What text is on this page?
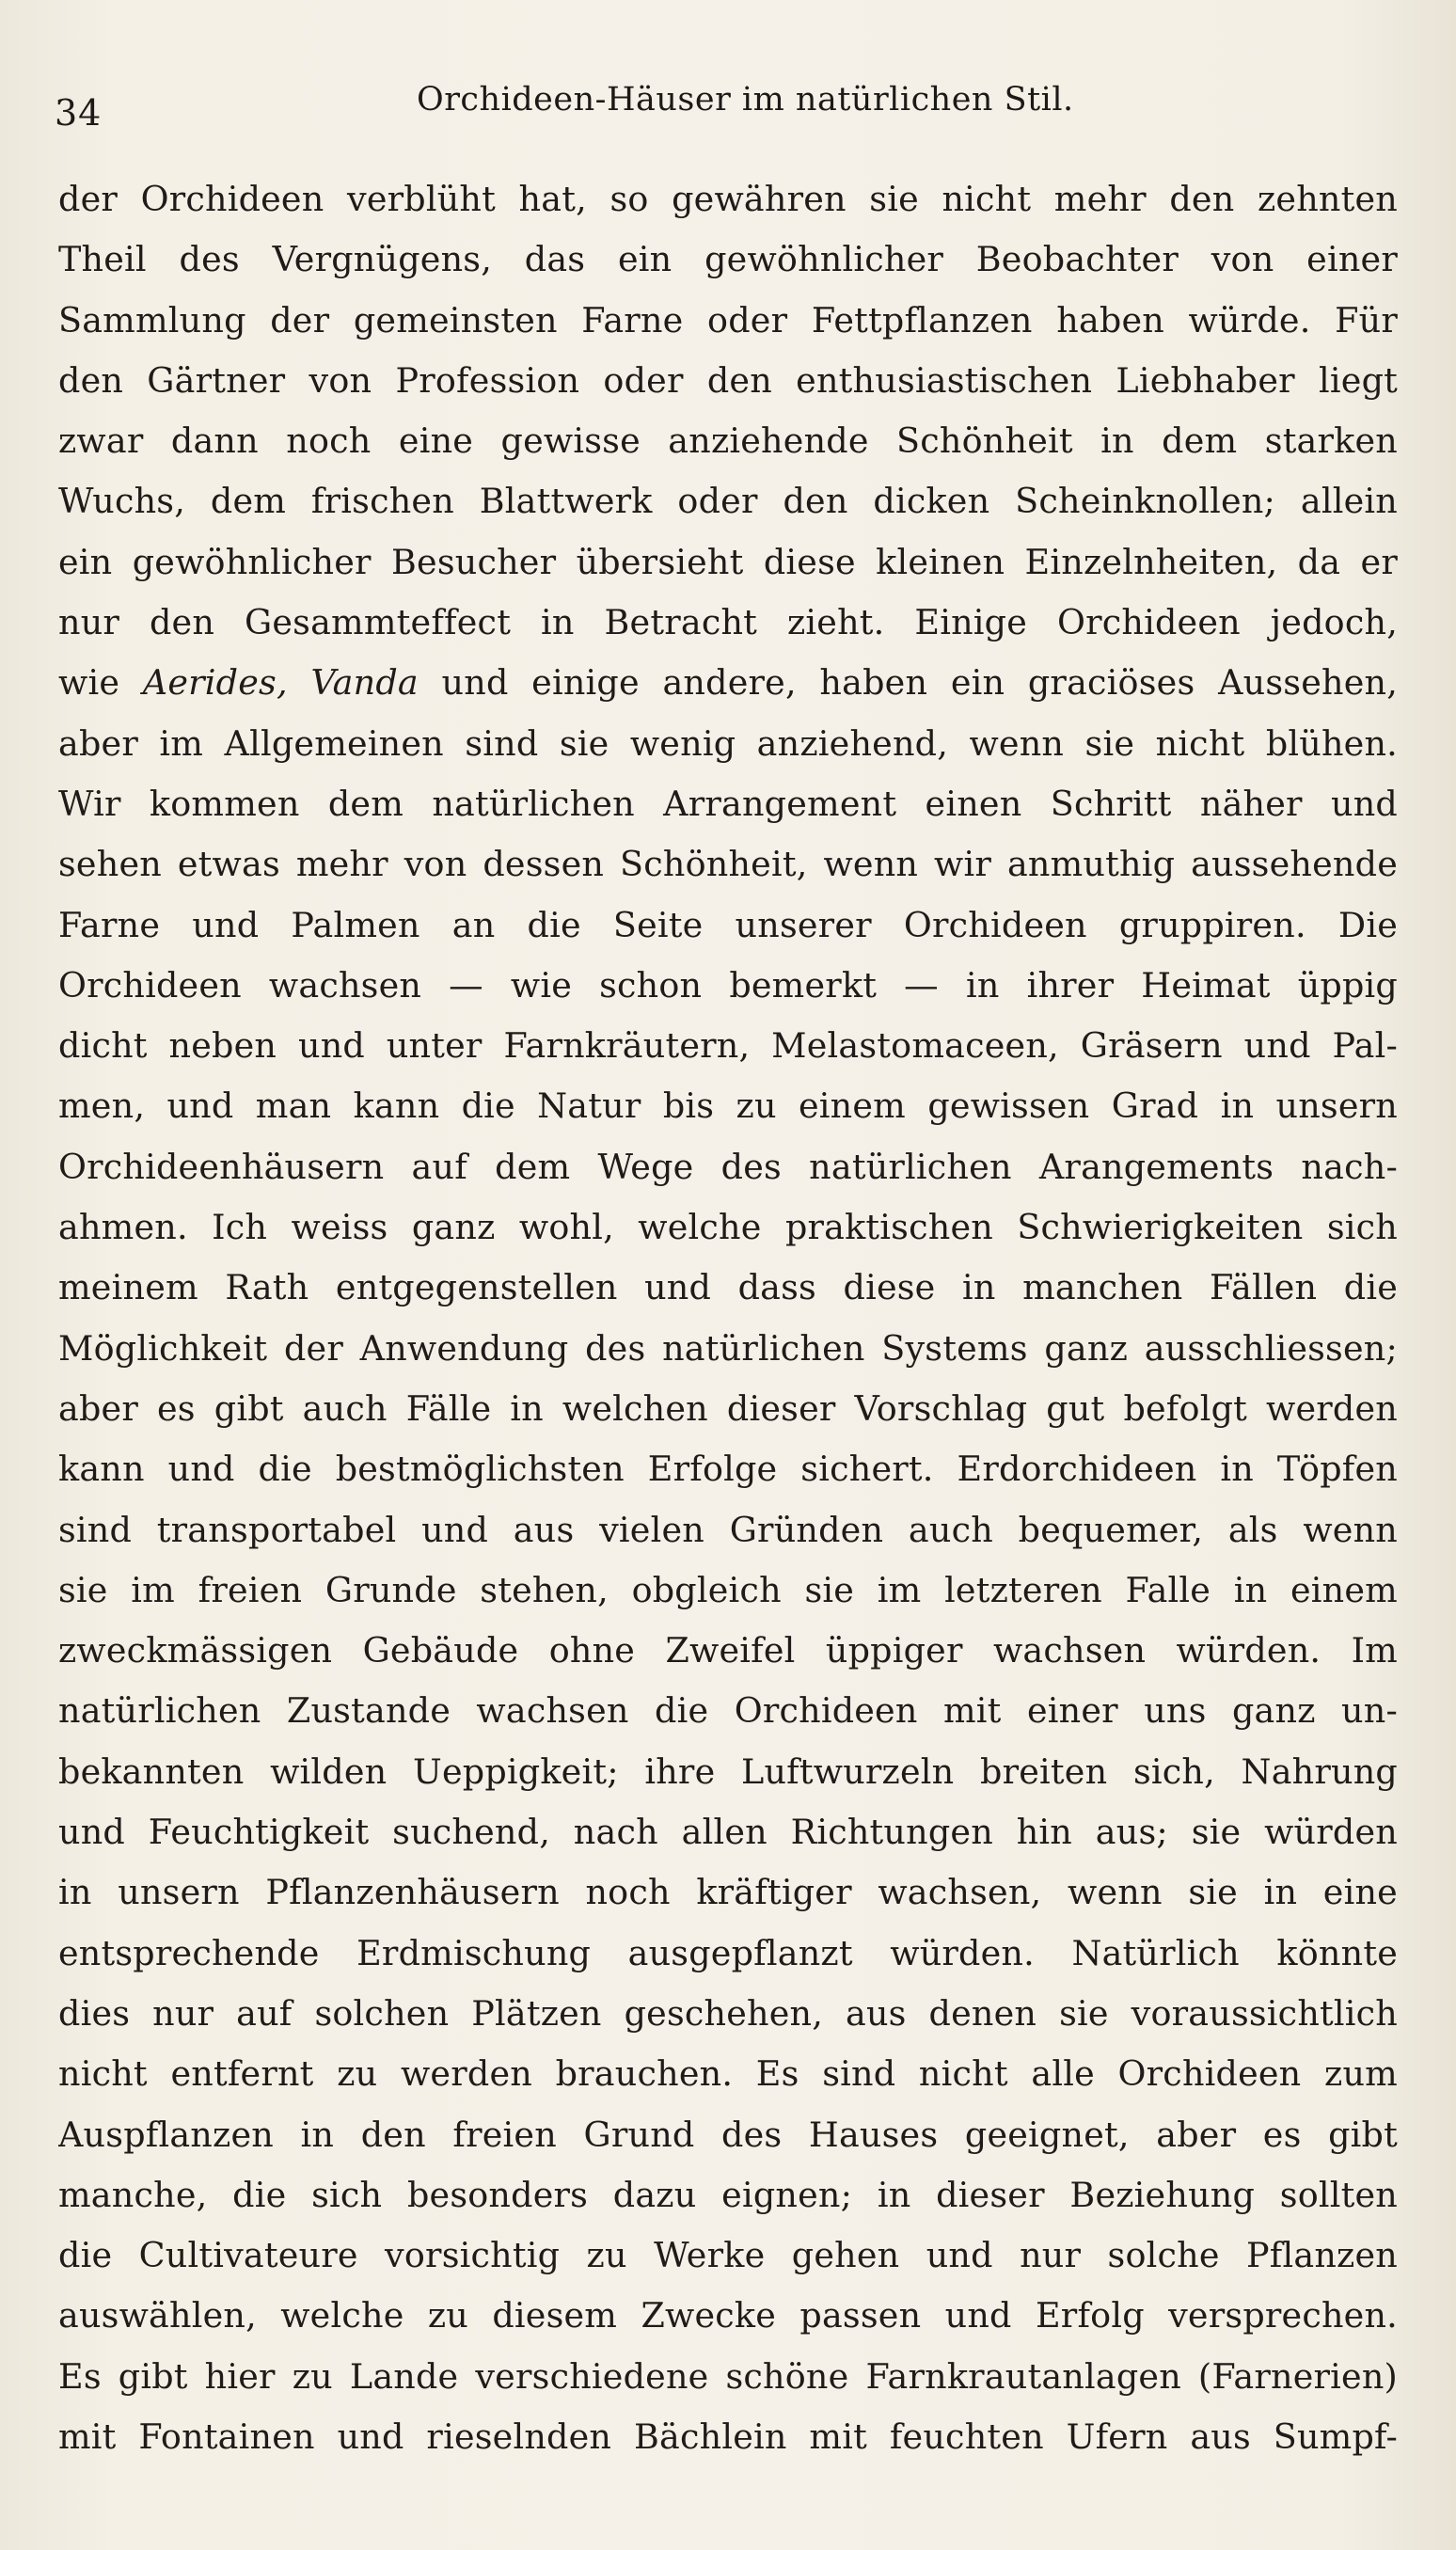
34	Orchideen-Häuser im natürlichen Stil.
der Orchideen verblüht hat, so gewähren sie nicht mehr den zehnten
Theil des Vergnügens, das ein gewöhnlicher Beobachter von einer
Sammlung der gemeinsten Farne oder Fettpflanzen haben würde. Für
den Gärtner von Profession oder den enthusiastischen Liebhaber liegt
zwar dann noch eine gewisse anziehende Schönheit in dem starken
Wuchs, dem frischen Blattwerk oder den dicken Scheinknollen; allein
ein gewöhnlicher Besucher übersieht diese kleinen Einzelnheiten, da er
nur den Gesammteffect in Betracht zieht. Einige Orchideen jedoch,
wie Aerides, Vanda und einige andere, haben ein graciöses Aussehen,
aber im Allgemeinen sind sie wenig anziehend, wenn sie nicht blühen.
Wir kommen dem natürlichen Arrangement einen Schritt näher und
sehen etwas mehr von dessen Schönheit, wenn wir anmuthig aussehende
Farne und Palmen an die Seite unserer Orchideen gruppiren. Die
Orchideen wachsen — wie schon bemerkt — in ihrer Heimat üppig
dicht neben und unter Farnkräutern, Melastomaceen, Gräsern und Pal-
men, und man kann die Natur bis zu einem gewissen Grad in unsern
Orchideenhäusern auf dem Wege des natürlichen Arangements nach-
ahmen. Ich weiss ganz wohl, welche praktischen Schwierigkeiten sich
meinem Rath entgegenstellen und dass diese in manchen Fällen die
Möglichkeit der Anwendung des natürlichen Systems ganz ausschliessen;
aber es gibt auch Fälle in welchen dieser Vorschlag gut befolgt werden
kann und die bestmöglichsten Erfolge sichert. Erdorchideen in Töpfen
sind transportabel und aus vielen Gründen auch bequemer, als wenn
sie im freien Grunde stehen, obgleich sie im letzteren Falle in einem
zweckmässigen Gebäude ohne Zweifel üppiger wachsen würden. Im
natürlichen Zustande wachsen die Orchideen mit einer uns ganz un-
bekannten wilden Ueppigkeit; ihre Luftwurzeln breiten sich, Nahrung
und Feuchtigkeit suchend, nach allen Richtungen hin aus; sie würden
in unsern Pflanzenhäusern noch kräftiger wachsen, wenn sie in eine
entsprechende Erdmischung ausgepflanzt würden. Natürlich könnte
dies nur auf solchen Plätzen geschehen, aus denen sie voraussichtlich
nicht entfernt zu werden brauchen. Es sind nicht alle Orchideen zum
Auspflanzen in den freien Grund des Hauses geeignet, aber es gibt
manche, die sich besonders dazu eignen; in dieser Beziehung sollten
die Cultivateure vorsichtig zu Werke gehen und nur solche Pflanzen
auswählen, welche zu diesem Zwecke passen und Erfolg versprechen.
Es gibt hier zu Lande verschiedene schöne Farnkrautanlagen (Farnerien)
mit Fontainen und rieselnden Bächlein mit feuchten Ufern aus Sumpf-
